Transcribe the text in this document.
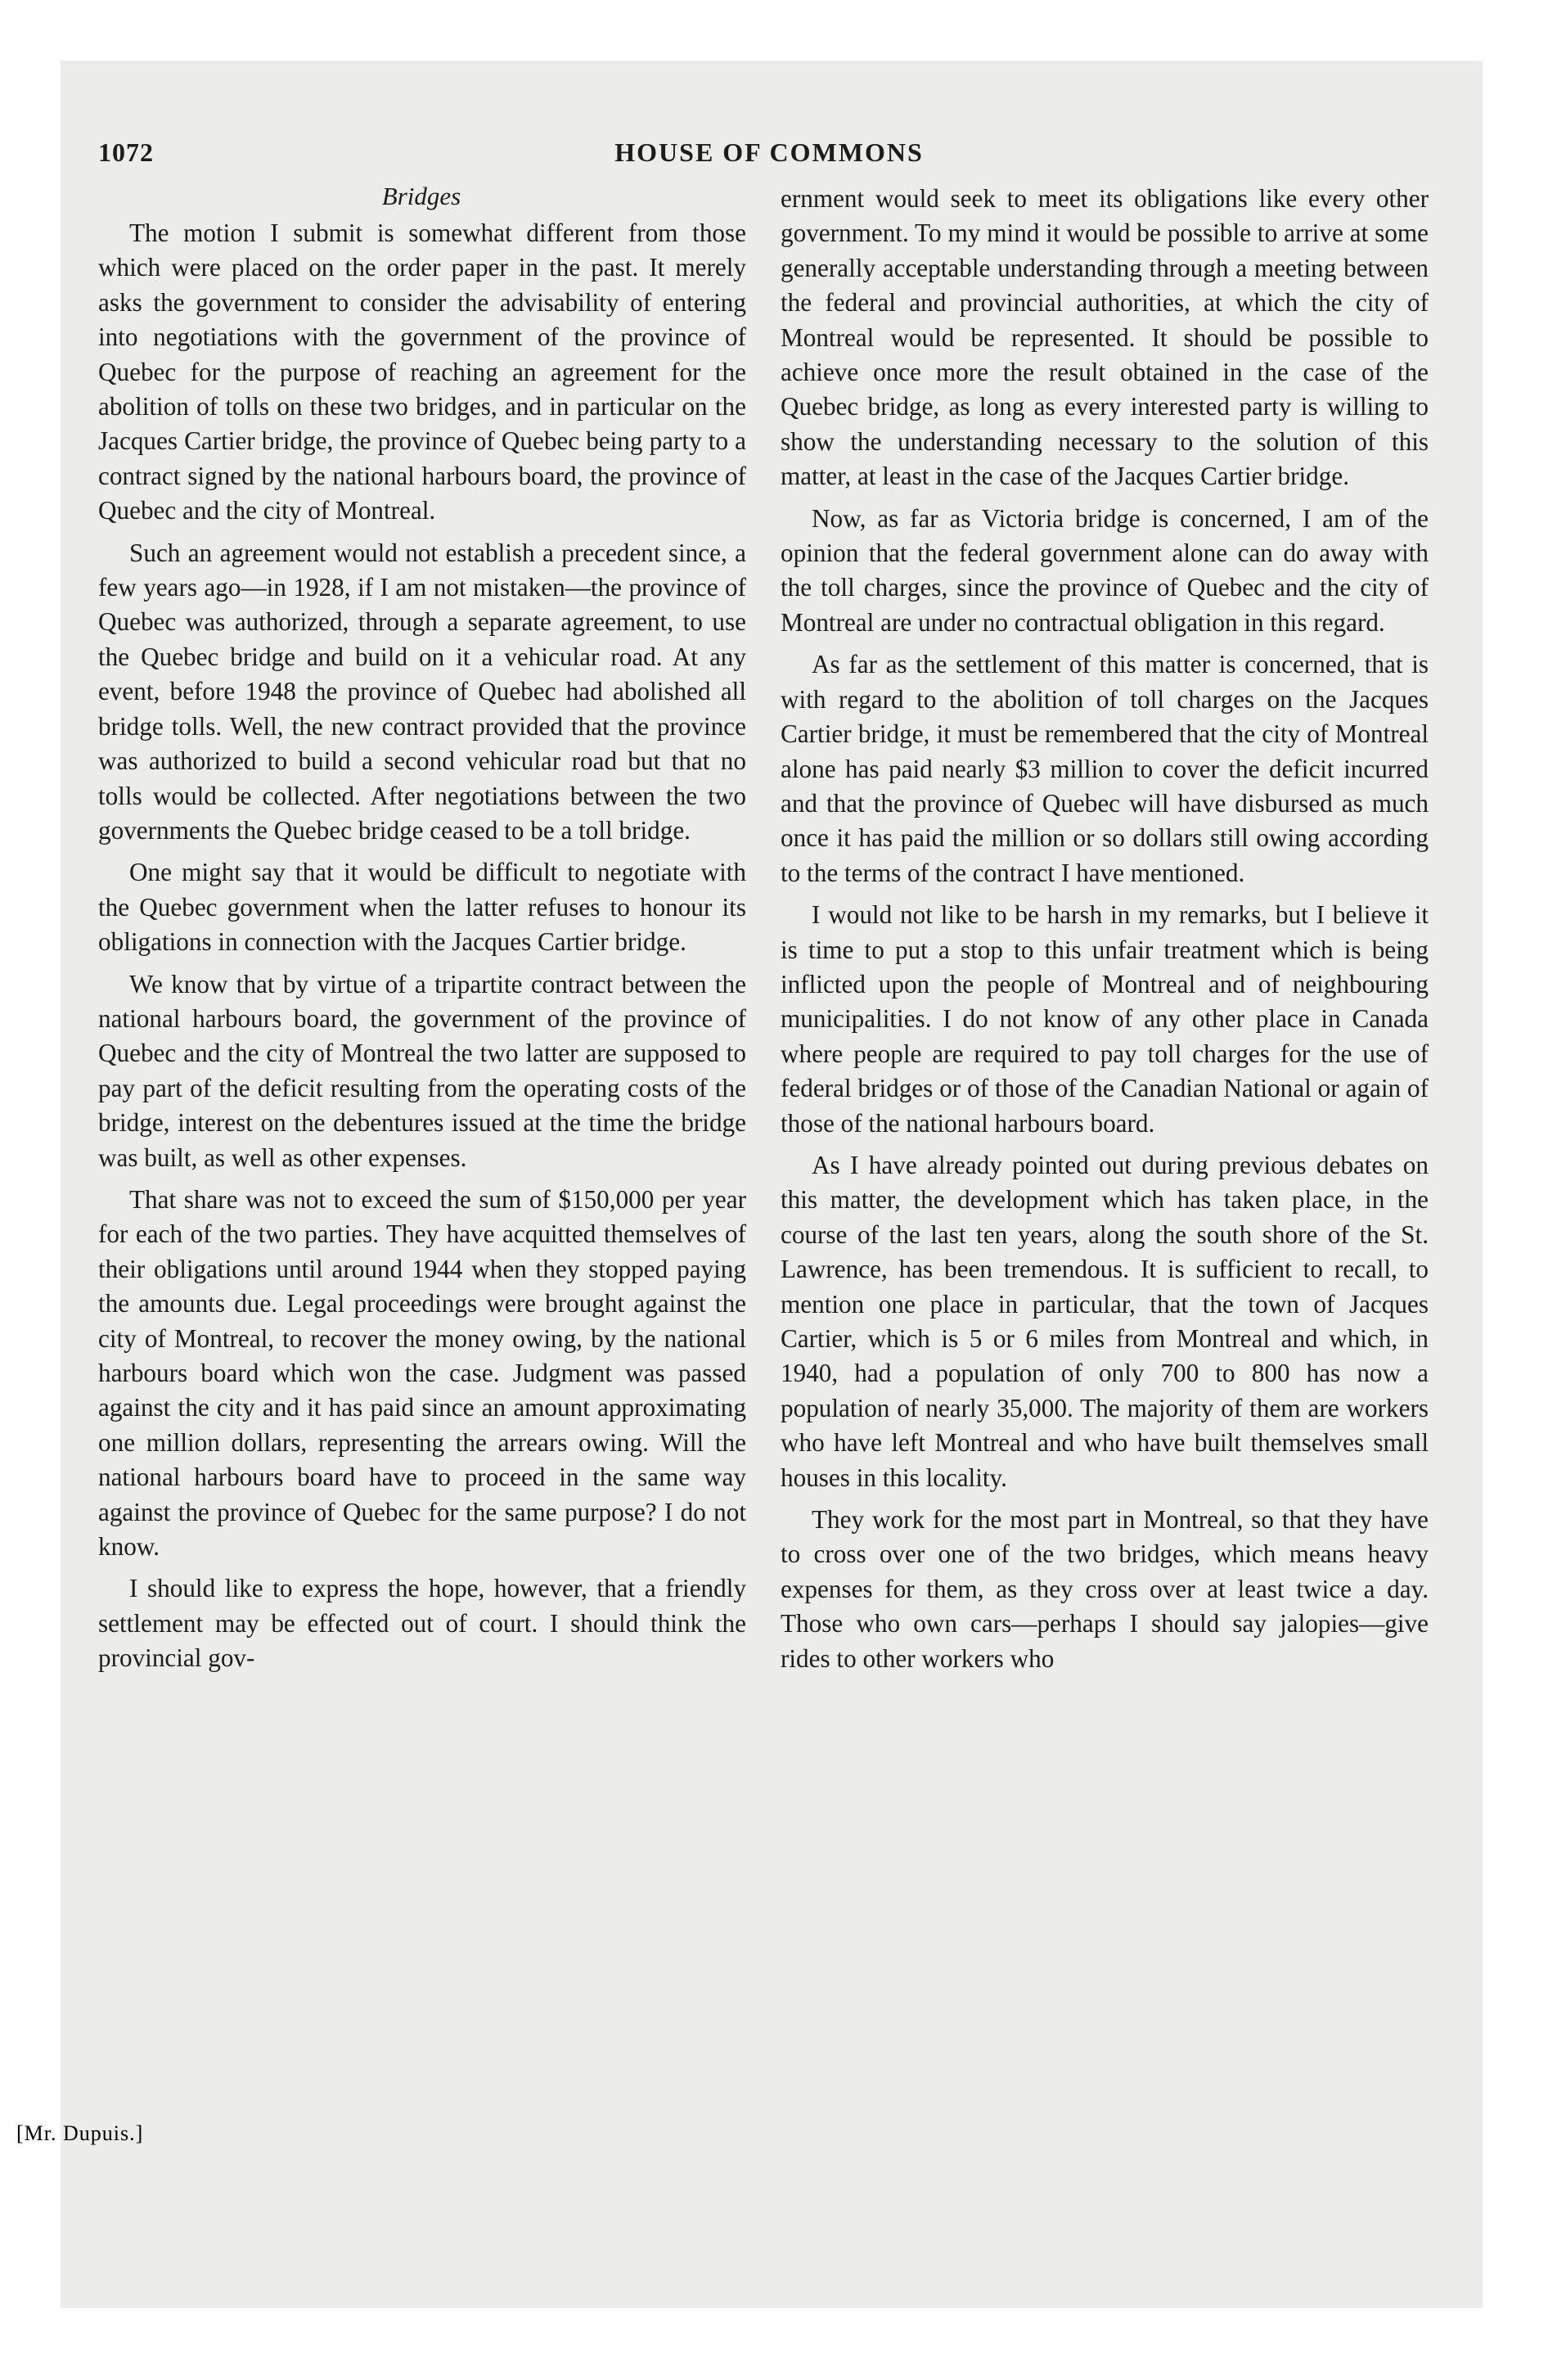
1072	HOUSE OF COMMONS
Bridges

The motion I submit is somewhat different from those which were placed on the order paper in the past. It merely asks the government to consider the advisability of entering into negotiations with the government of the province of Quebec for the purpose of reaching an agreement for the abolition of tolls on these two bridges, and in particular on the Jacques Cartier bridge, the province of Quebec being party to a contract signed by the national harbours board, the province of Quebec and the city of Montreal.

Such an agreement would not establish a precedent since, a few years ago—in 1928, if I am not mistaken—the province of Quebec was authorized, through a separate agreement, to use the Quebec bridge and build on it a vehicular road. At any event, before 1948 the province of Quebec had abolished all bridge tolls. Well, the new contract provided that the province was authorized to build a second vehicular road but that no tolls would be collected. After negotiations between the two governments the Quebec bridge ceased to be a toll bridge.

One might say that it would be difficult to negotiate with the Quebec government when the latter refuses to honour its obligations in connection with the Jacques Cartier bridge.

We know that by virtue of a tripartite contract between the national harbours board, the government of the province of Quebec and the city of Montreal the two latter are supposed to pay part of the deficit resulting from the operating costs of the bridge, interest on the debentures issued at the time the bridge was built, as well as other expenses.

That share was not to exceed the sum of $150,000 per year for each of the two parties. They have acquitted themselves of their obligations until around 1944 when they stopped paying the amounts due. Legal proceedings were brought against the city of Montreal, to recover the money owing, by the national harbours board which won the case. Judgment was passed against the city and it has paid since an amount approximating one million dollars, representing the arrears owing. Will the national harbours board have to proceed in the same way against the province of Quebec for the same purpose? I do not know.

I should like to express the hope, however, that a friendly settlement may be effected out of court. I should think the provincial gov-

ernment would seek to meet its obligations like every other government. To my mind it would be possible to arrive at some generally acceptable understanding through a meeting between the federal and provincial authorities, at which the city of Montreal would be represented. It should be possible to achieve once more the result obtained in the case of the Quebec bridge, as long as every interested party is willing to show the understanding necessary to the solution of this matter, at least in the case of the Jacques Cartier bridge.

Now, as far as Victoria bridge is concerned, I am of the opinion that the federal government alone can do away with the toll charges, since the province of Quebec and the city of Montreal are under no contractual obligation in this regard.

As far as the settlement of this matter is concerned, that is with regard to the abolition of toll charges on the Jacques Cartier bridge, it must be remembered that the city of Montreal alone has paid nearly $3 million to cover the deficit incurred and that the province of Quebec will have disbursed as much once it has paid the million or so dollars still owing according to the terms of the contract I have mentioned.

I would not like to be harsh in my remarks, but I believe it is time to put a stop to this unfair treatment which is being inflicted upon the people of Montreal and of neighbouring municipalities. I do not know of any other place in Canada where people are required to pay toll charges for the use of federal bridges or of those of the Canadian National or again of those of the national harbours board.

As I have already pointed out during previous debates on this matter, the development which has taken place, in the course of the last ten years, along the south shore of the St. Lawrence, has been tremendous. It is sufficient to recall, to mention one place in particular, that the town of Jacques Cartier, which is 5 or 6 miles from Montreal and which, in 1940, had a population of only 700 to 800 has now a population of nearly 35,000. The majority of them are workers who have left Montreal and who have built themselves small houses in this locality.

They work for the most part in Montreal, so that they have to cross over one of the two bridges, which means heavy expenses for them, as they cross over at least twice a day. Those who own cars—perhaps I should say jalopies—give rides to other workers who

[Mr. Dupuis.]
